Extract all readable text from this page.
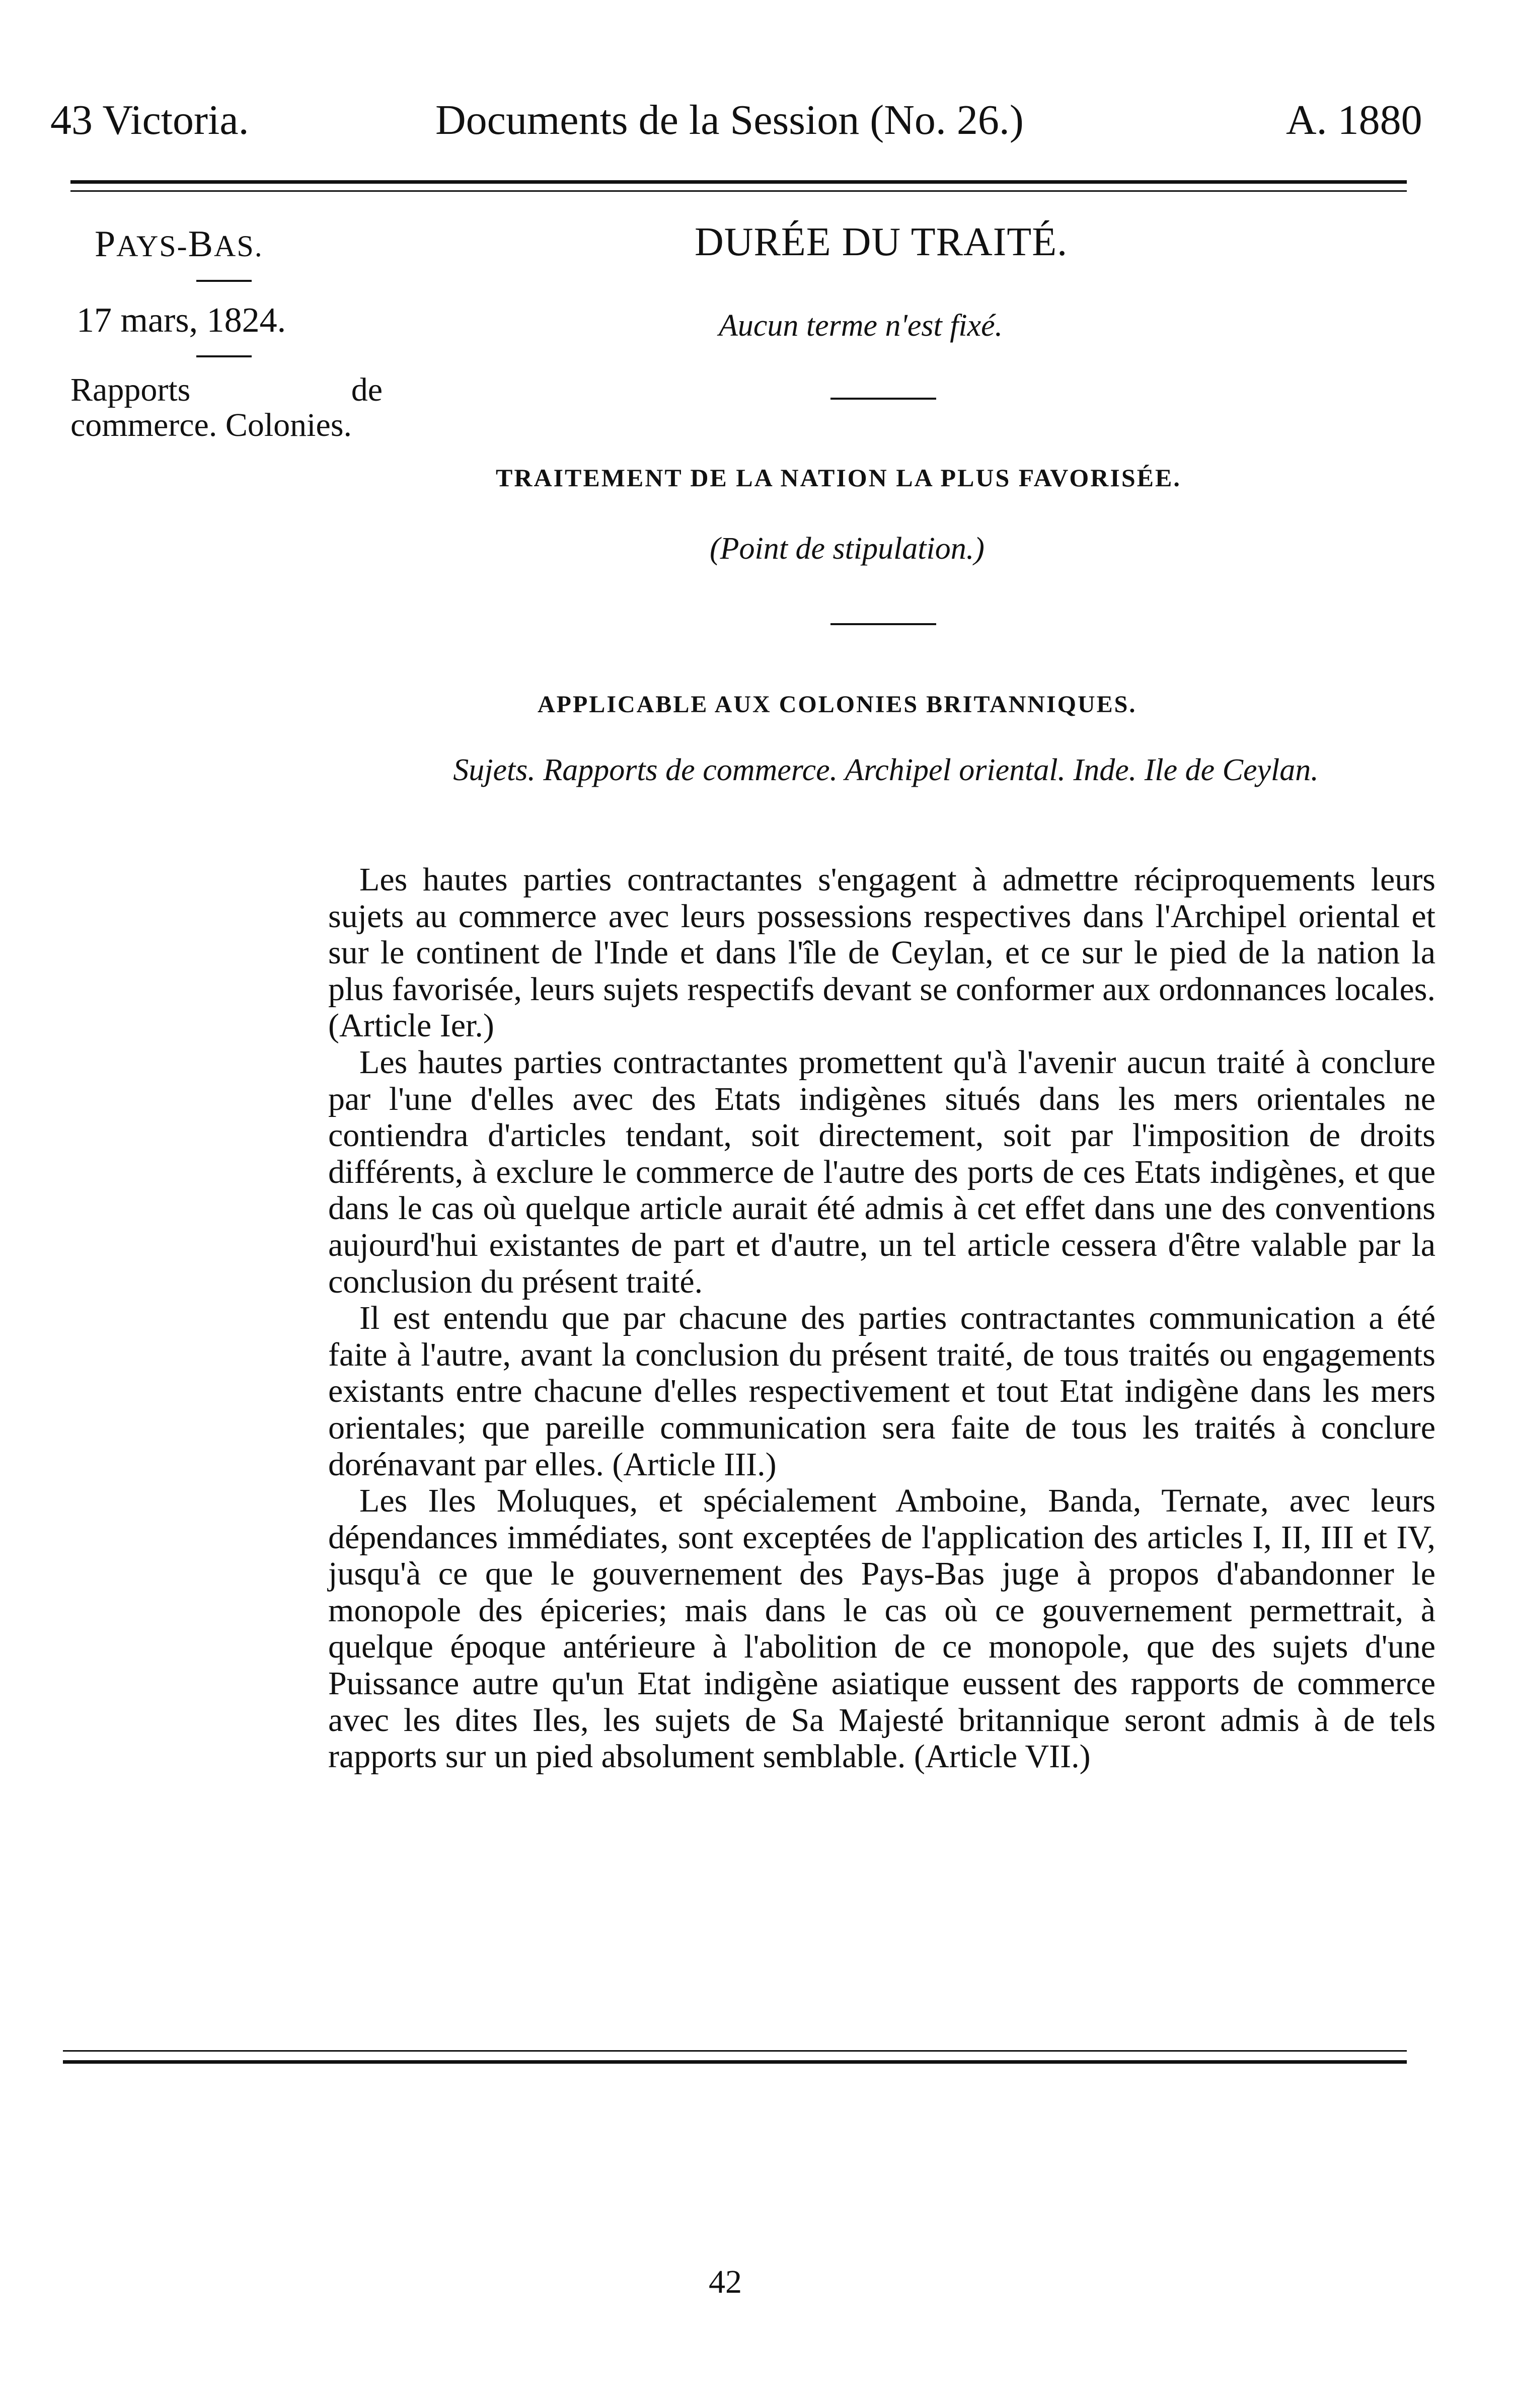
43 Victoria.	Documents de la Session (No. 26.)	A. 1880
PAYS-BAS.
17 mars, 1824.
Rapports de commerce. Colonies.
DURÉE DU TRAITÉ.
Aucun terme n'est fixé.
TRAITEMENT DE LA NATION LA PLUS FAVORISÉE.
(Point de stipulation.)
APPLICABLE AUX COLONIES BRITANNIQUES.
Sujets. Rapports de commerce. Archipel oriental. Inde. Ile de Ceylan.

Les hautes parties contractantes s'engagent à admettre réciproquements leurs sujets au commerce avec leurs possessions respectives dans l'Archipel oriental et sur le continent de l'Inde et dans l'île de Ceylan, et ce sur le pied de la nation la plus favorisée, leurs sujets respectifs devant se conformer aux ordonnances locales. (Article Ier.)

Les hautes parties contractantes promettent qu'à l'avenir aucun traité à conclure par l'une d'elles avec des Etats indigènes situés dans les mers orientales ne contiendra d'articles tendant, soit directement, soit par l'imposition de droits différents, à exclure le commerce de l'autre des ports de ces Etats indigènes, et que dans le cas où quelque article aurait été admis à cet effet dans une des conventions aujourd'hui existantes de part et d'autre, un tel article cessera d'être valable par la conclusion du présent traité.

Il est entendu que par chacune des parties contractantes communication a été faite à l'autre, avant la conclusion du présent traité, de tous traités ou engagements existants entre chacune d'elles respectivement et tout Etat indigène dans les mers orientales; que pareille communication sera faite de tous les traités à conclure dorénavant par elles. (Article III.)

Les Iles Moluques, et spécialement Amboine, Banda, Ternate, avec leurs dépendances immédiates, sont exceptées de l'application des articles I, II, III et IV, jusqu'à ce que le gouvernement des Pays-Bas juge à propos d'abandonner le monopole des épiceries; mais dans le cas où ce gouvernement permettrait, à quelque époque antérieure à l'abolition de ce monopole, que des sujets d'une Puissance autre qu'un Etat indigène asiatique eussent des rapports de commerce avec les dites Iles, les sujets de Sa Majesté britannique seront admis à de tels rapports sur un pied absolument semblable. (Article VII.)

42
